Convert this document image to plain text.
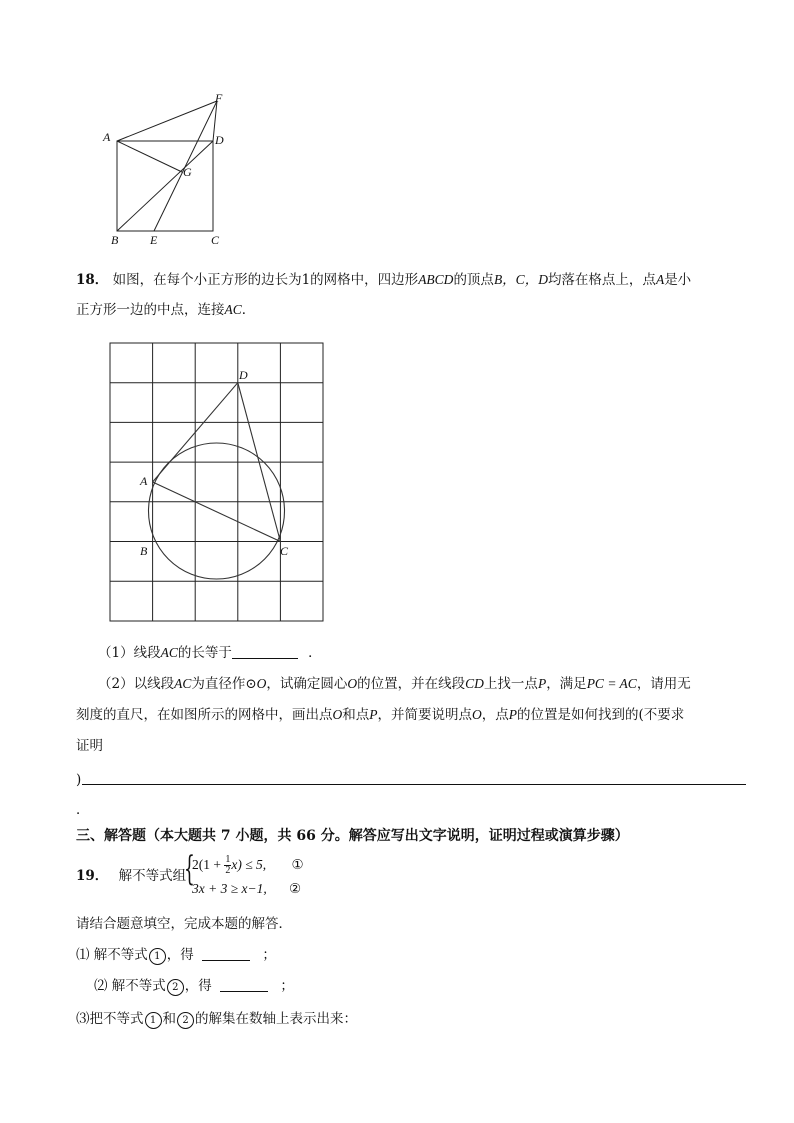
A
B	E	C
D
F
G
18． 如图，在每个小正方形的边长为1的网格中，四边形ABCD的顶点B，C，D均落在格点上，点A是小
正方形一边的中点，连接AC．
A
B	C
D
（1）线段AC的长等于	．
（2）以线段AC为直径作⊙O，试确定圆心O的位置，并在线段CD上找一点P，满足PC = AC，请用无
刻度的直尺，在如图所示的网格中，画出点O和点P，并简要说明点O，点P的位置是如何找到的(不要求
证明
)
．
三、解答题（本大题共 7 小题，共 66 分。解答应写出文字说明，证明过程或演算步骤）
19． 解不等式组
{
$2(1 + \frac{1}{2} x) \le 5$, ①
3x + 3 ≥ x−1, ②
请结合题意填空，完成本题的解答．
⑴ 解不等式 1 ，得	；
⑵ 解不等式 2 ，得	；
⑶把不等式 1 和 2 的解集在数轴上表示出来：
